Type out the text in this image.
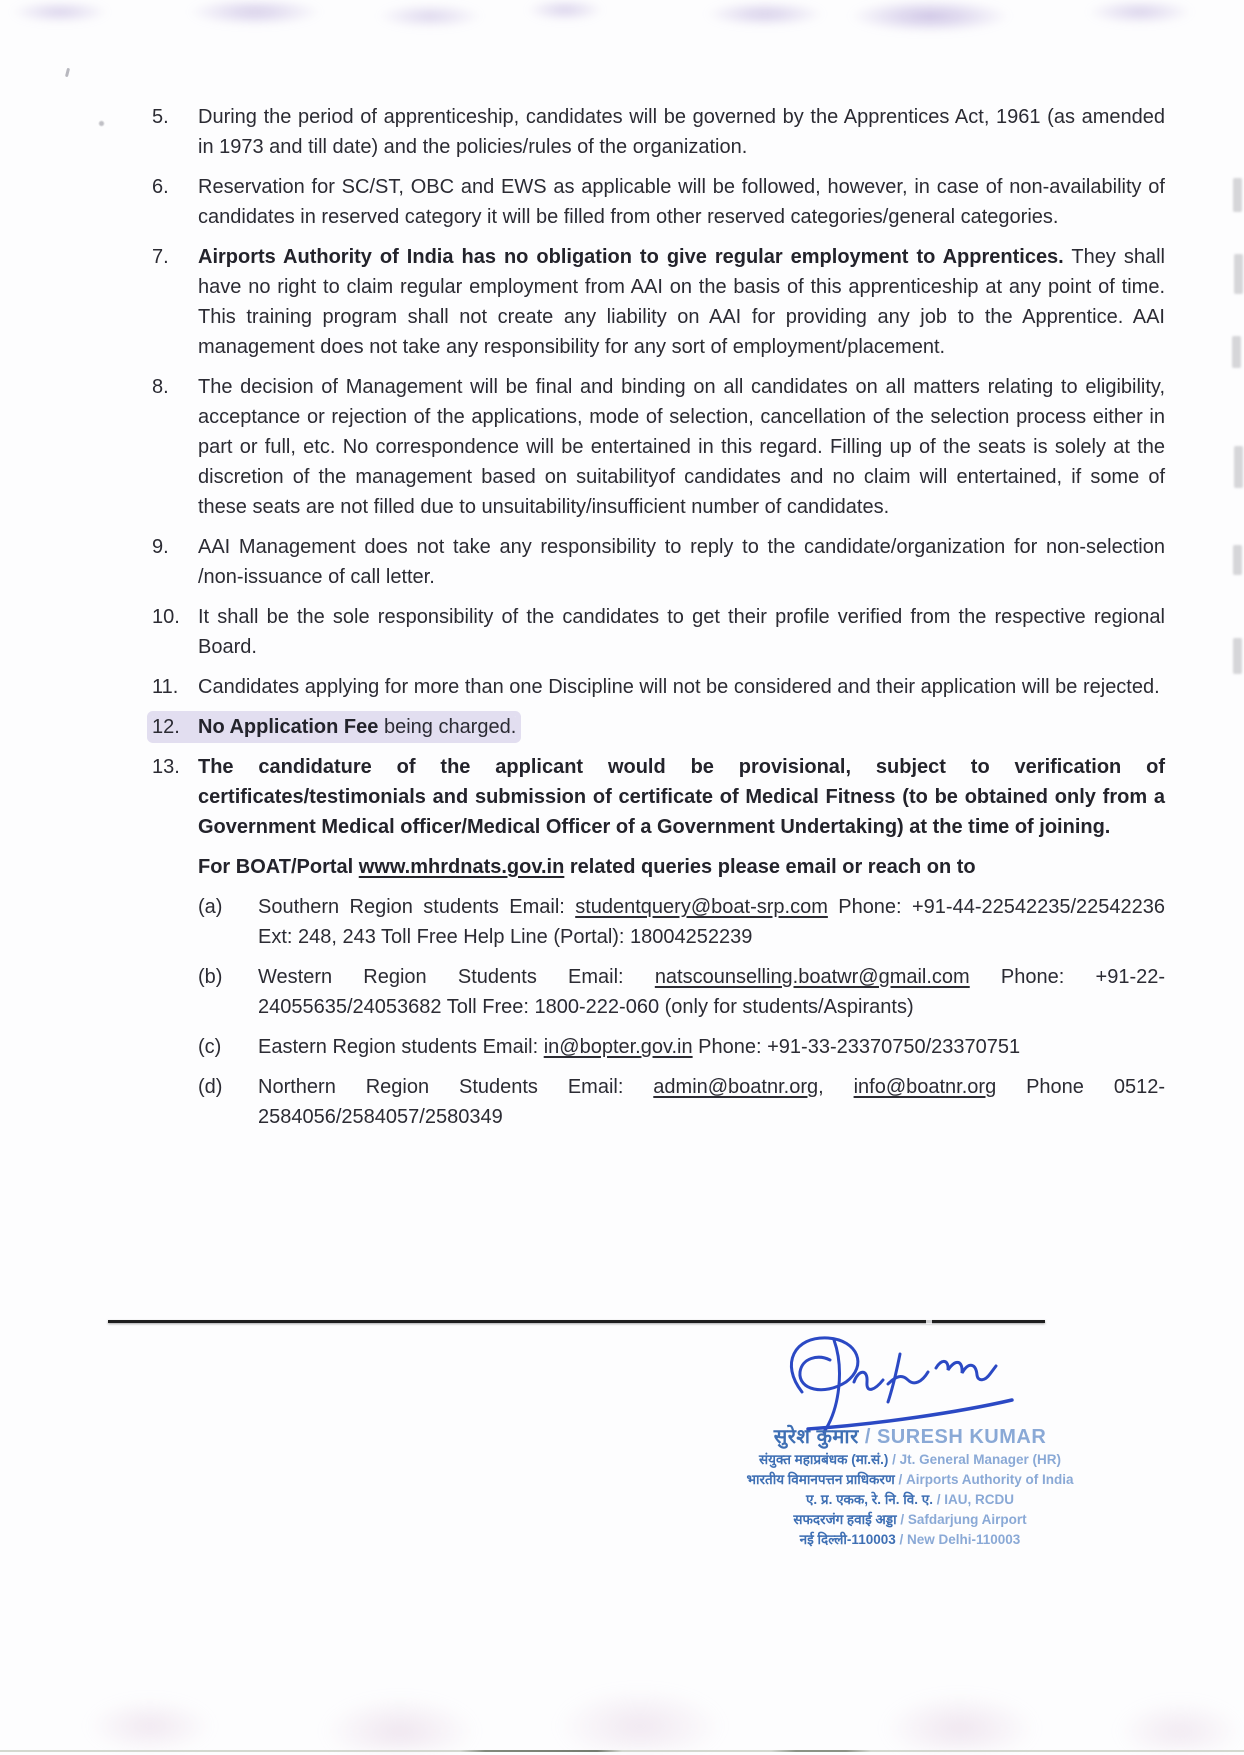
5.	During the period of apprenticeship, candidates will be governed by the Apprentices Act, 1961 (as amended in 1973 and till date) and the policies/rules of the organization.
6.	Reservation for SC/ST, OBC and EWS as applicable will be followed, however, in case of non-availability of candidates in reserved category it will be filled from other reserved categories/general categories.
7.	Airports Authority of India has no obligation to give regular employment to Apprentices. They shall have no right to claim regular employment from AAI on the basis of this apprenticeship at any point of time. This training program shall not create any liability on AAI for providing any job to the Apprentice. AAI management does not take any responsibility for any sort of employment/placement.
8.	The decision of Management will be final and binding on all candidates on all matters relating to eligibility, acceptance or rejection of the applications, mode of selection, cancellation of the selection process either in part or full, etc. No correspondence will be entertained in this regard. Filling up of the seats is solely at the discretion of the management based on suitabilityof candidates and no claim will entertained, if some of these seats are not filled due to unsuitability/insufficient number of candidates.
9.	AAI Management does not take any responsibility to reply to the candidate/organization for non-selection /non-issuance of call letter.
10. It shall be the sole responsibility of the candidates to get their profile verified from the respective regional Board.
11. Candidates applying for more than one Discipline will not be considered and their application will be rejected.
12. No Application Fee being charged.
13. The candidature of the applicant would be provisional, subject to verification of certificates/testimonials and submission of certificate of Medical Fitness (to be obtained only from a Government Medical officer/Medical Officer of a Government Undertaking) at the time of joining.
For BOAT/Portal www.mhrdnats.gov.in related queries please email or reach on to
(a)	Southern Region students Email: studentquery@boat-srp.com Phone: +91-44-22542235/22542236 Ext: 248, 243 Toll Free Help Line (Portal): 18004252239
(b)	Western Region Students Email: natscounselling.boatwr@gmail.com Phone: +91-22-24055635/24053682 Toll Free: 1800-222-060 (only for students/Aspirants)
(c)	Eastern Region students Email: in@bopter.gov.in Phone: +91-33-23370750/23370751
(d)	Northern Region Students Email: admin@boatnr.org, info@boatnr.org Phone 0512-2584056/2584057/2580349
सुरेश कुमार / SURESH KUMAR
संयुक्त महाप्रबंधक (मा.सं.) / Jt. General Manager (HR)
भारतीय विमानपत्तन प्राधिकरण / Airports Authority of India
ए. प्र. एकक, रे. नि. वि. ए. / IAU, RCDU
सफदरजंग हवाई अड्डा / Safdarjung Airport
नई दिल्ली-110003 / New Delhi-110003
